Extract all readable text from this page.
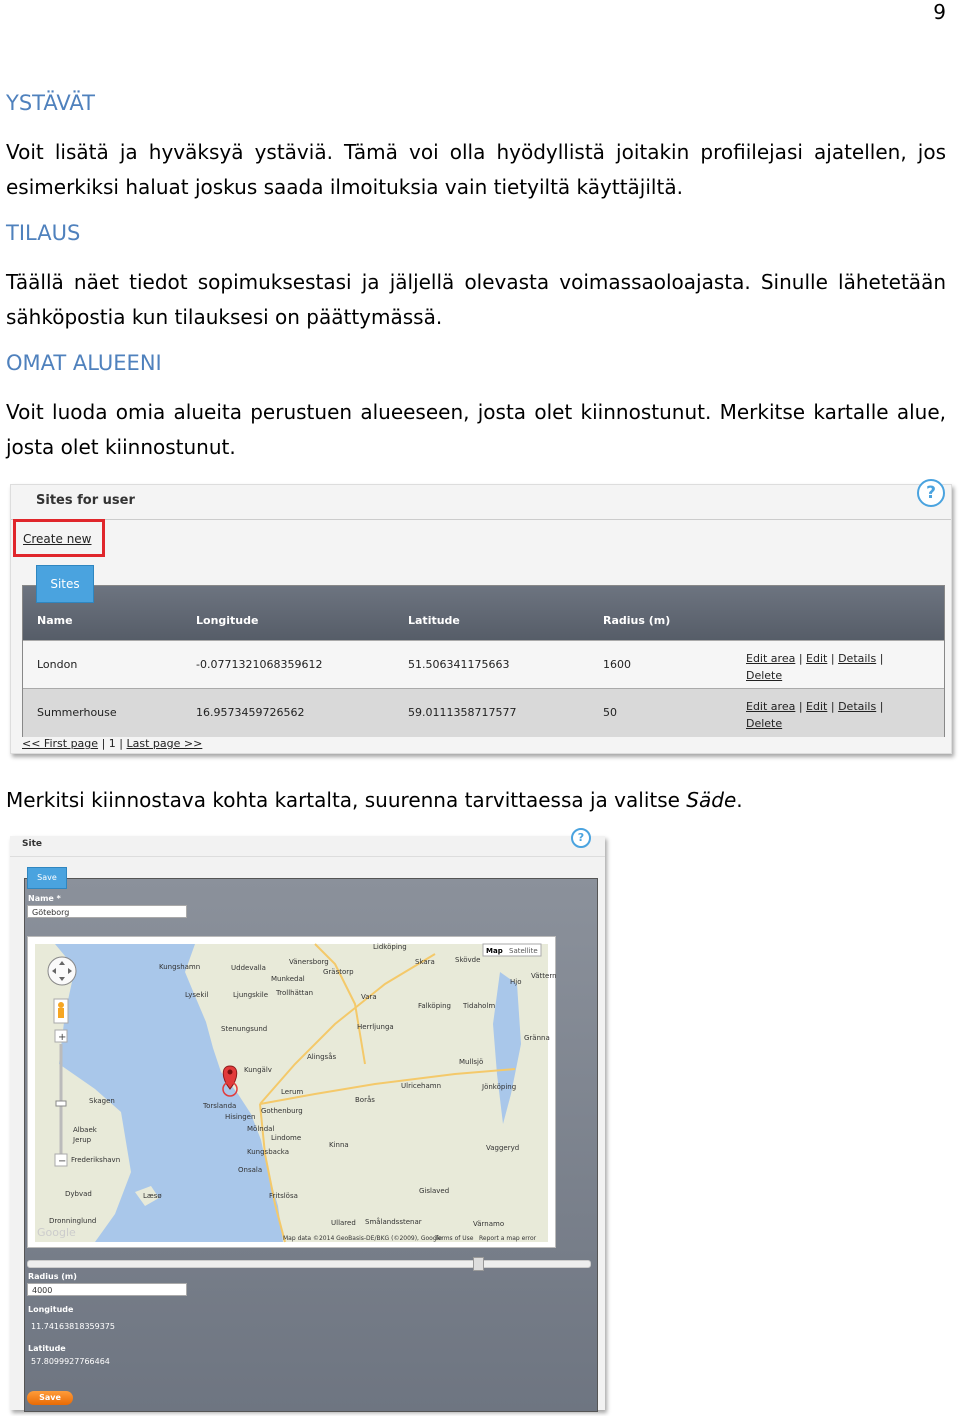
9
YSTÄVÄT
Voit lisätä ja hyväksyä ystäviä. Tämä voi olla hyödyllistä joitakin profiilejasi ajatellen, jos esimerkiksi haluat joskus saada ilmoituksia vain tietyiltä käyttäjiltä.
TILAUS
Täällä näet tiedot sopimuksestasi ja jäljellä olevasta voimassaoloajasta. Sinulle lähetetään sähköpostia kun tilauksesi on päättymässä.
OMAT ALUEENI
Voit luoda omia alueita perustuen alueeseen, josta olet kiinnostunut. Merkitse kartalle alue, josta olet kiinnostunut.
Sites for user	?
Create new
Name	Longitude	Latitude	Radius (m)
London	-0.0771321068359612	51.506341175663	1600	Edit area | Edit | Details |
Delete
Summerhouse	16.9573459726562	59.0111358717577	50	Edit area | Edit | Details |
Delete
Sites
<< First page | 1 | Last page >>
Merkitsi kiinnostava kohta kartalta, suurenna tarvittaessa ja valitse Säde.
Site	?
Name *
Göteborg
Lidköping
Skara	Skövde
Kungshamn	Uddevalla
Vänersborg
Grästorp
Munkedal
Lysekil	Ljungskile Trollhättan	Vara
Falköping Tidaholm
Stenungsund	Herrljunga
Alingsås
Mullsjö
Kungälv
Lerum
Ulricehamn	Jönköping
Skagen
Torslanda
Gothenburg
Borås
Hisingen
Mölndal
Lindome
Kinna	Vaggeryd
Frederikshavn
Kungsbacka
Onsala
Læsø	Fritslösa
Gislaved
Albaek
Jerup
Dybvad
Ullared Smålandsstenar	Värnamo
Dronninglund
Hjo
Gränna
Vättern
+
−
Map Satellite
Map data ©2014 GeoBasis-DE/BKG (©2009), Google
Terms of Use Report a map error
Google
Radius (m)
4000
Longitude
11.74163818359375
Latitude
57.8099927766464
Save
Save
